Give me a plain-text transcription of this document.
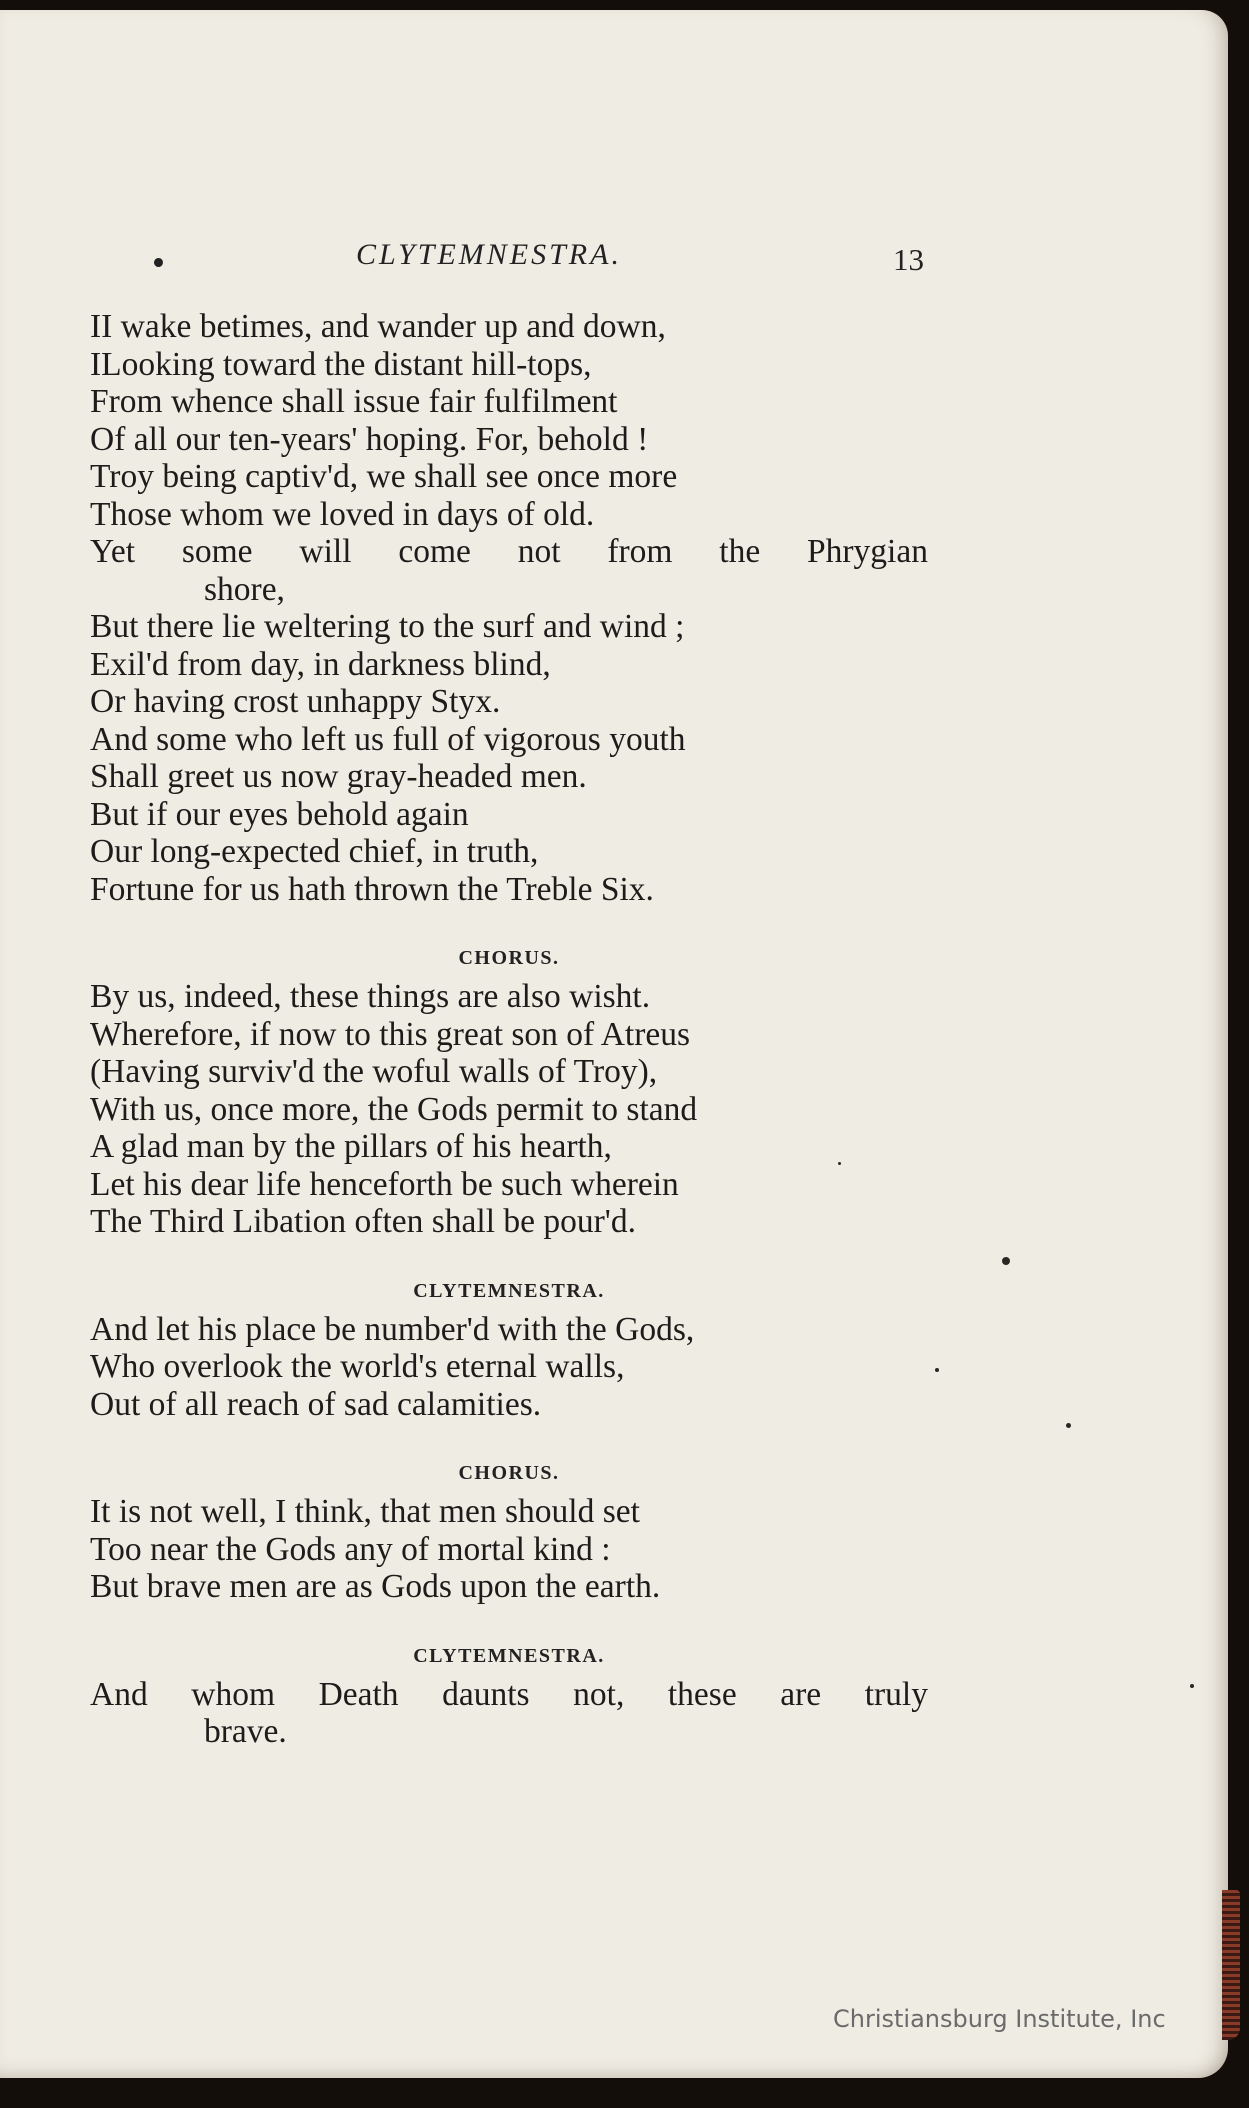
CLYTEMNESTRA.	13
II wake betimes, and wander up and down,
ILooking toward the distant hill-tops,
From whence shall issue fair fulfilment
Of all our ten-years' hoping. For, behold !
Troy being captiv'd, we shall see once more
Those whom we loved in days of old.
Yet some will come not from the Phrygian
shore,
But there lie weltering to the surf and wind ;
Exil'd from day, in darkness blind,
Or having crost unhappy Styx.
And some who left us full of vigorous youth
Shall greet us now gray-headed men.
But if our eyes behold again
Our long-expected chief, in truth,
Fortune for us hath thrown the Treble Six.
CHORUS.
By us, indeed, these things are also wisht.
Wherefore, if now to this great son of Atreus
(Having surviv'd the woful walls of Troy),
With us, once more, the Gods permit to stand
A glad man by the pillars of his hearth,
Let his dear life henceforth be such wherein
The Third Libation often shall be pour'd.
CLYTEMNESTRA.
And let his place be number'd with the Gods,
Who overlook the world's eternal walls,
Out of all reach of sad calamities.
CHORUS.
It is not well, I think, that men should set
Too near the Gods any of mortal kind :
But brave men are as Gods upon the earth.
CLYTEMNESTRA.
And whom Death daunts not, these are truly
brave.
Christiansburg Institute, Inc
